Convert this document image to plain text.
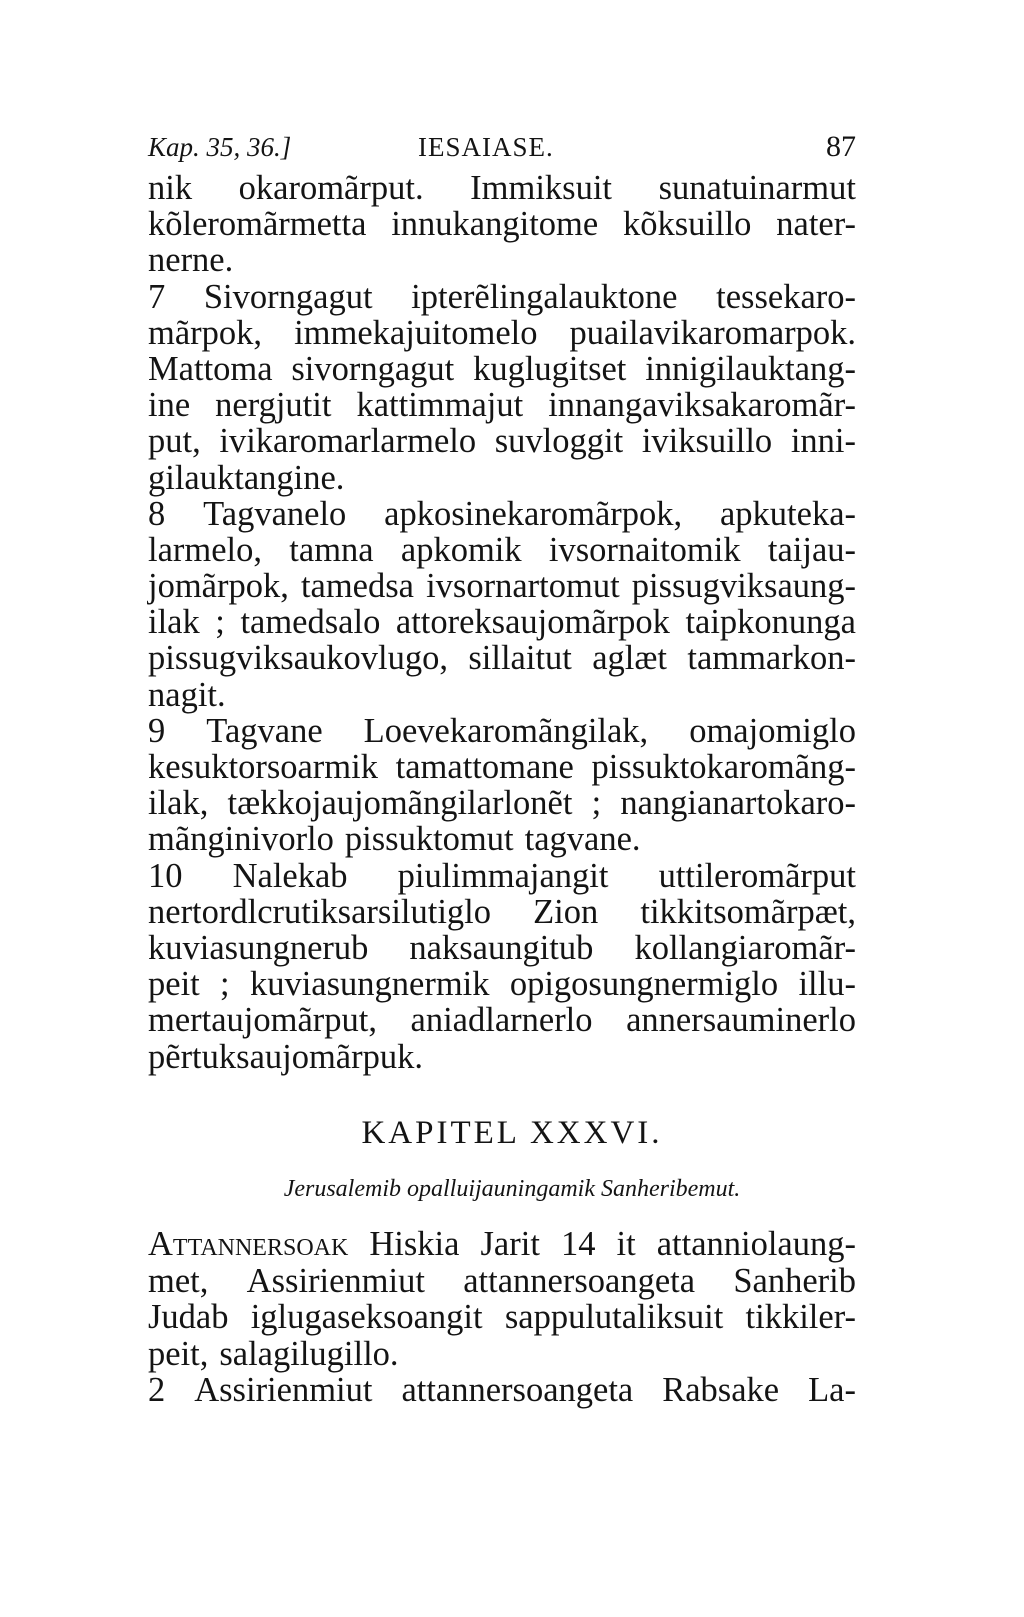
Kap. 35, 36.]	IESAIASE.	87
nik okaromãrput. Immiksuit sunatuinarmut
kõleromãrmetta innukangitome kõksuillo nater-
nerne.
7 Sivorngagut ipterẽlingalauktone tessekaro-
mãrpok, immekajuitomelo puailavikaromarpok.
Mattoma sivorngagut kuglugitset innigilauktang-
ine nergjutit kattimmajut innangaviksakaromãr-
put, ivikaromarlarmelo suvloggit iviksuillo inni-
gilauktangine.
8 Tagvanelo apkosinekaromãrpok, apkuteka-
larmelo, tamna apkomik ivsornaitomik taijau-
jomãrpok, tamedsa ivsornartomut pissugviksaung-
ilak ; tamedsalo attoreksaujomãrpok taipkonunga
pissugviksaukovlugo, sillaitut aglæt tammarkon-
nagit.
9 Tagvane Loevekaromãngilak, omajomiglo
kesuktorsoarmik tamattomane pissuktokaromãng-
ilak, tækkojaujomãngilarlonẽt ; nangianartokaro-
mãnginivorlo pissuktomut tagvane.
10 Nalekab piulimmajangit uttileromãrput
nertordlcrutiksarsilutiglo Zion tikkitsomãrpæt,
kuviasungnerub naksaungitub kollangiaromãr-
peit ; kuviasungnermik opigosungnermiglo illu-
mertaujomãrput, aniadlarnerlo annersauminerlo
pẽrtuksaujomãrpuk.
KAPITEL XXXVI.
Jerusalemib opalluijauningamik Sanheribemut.
Attannersoak Hiskia Jarit 14 it attanniolaung-
met, Assirienmiut attannersoangeta Sanherib
Judab iglugaseksoangit sappulutaliksuit tikkiler-
peit, salagilugillo.
2 Assirienmiut attannersoangeta Rabsake La-
